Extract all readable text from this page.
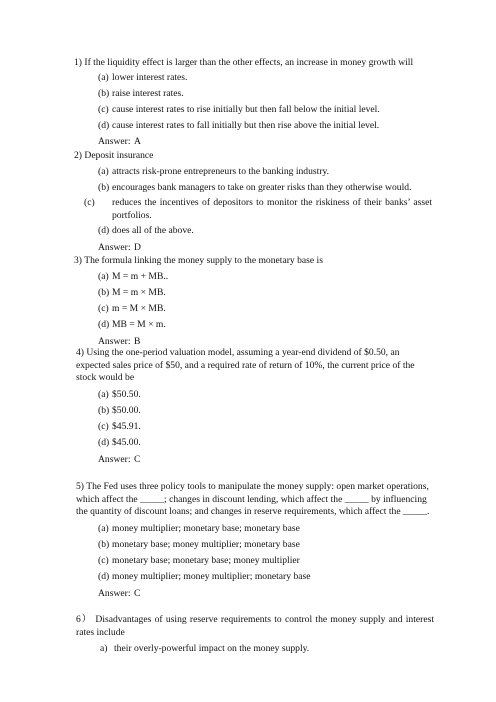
1) If the liquidity effect is larger than the other effects, an increase in money growth will
(a) lower interest rates.
(b) raise interest rates.
(c) cause interest rates to rise initially but then fall below the initial level.
(d) cause interest rates to fall initially but then rise above the initial level.
Answer: A
2) Deposit insurance
(a) attracts risk-prone entrepreneurs to the banking industry.
(b) encourages bank managers to take on greater risks than they otherwise would.
(c) reduces the incentives of depositors to monitor the riskiness of their banks’ asset portfolios.
(d) does all of the above.
Answer: D
3) The formula linking the money supply to the monetary base is
(a) M = m + MB..
(b) M = m × MB.
(c) m = M × MB.
(d) MB = M × m.
Answer: B
4) Using the one-period valuation model, assuming a year-end dividend of $0.50, an expected sales price of $50, and a required rate of return of 10%, the current price of the stock would be
(a) $50.50.
(b) $50.00.
(c) $45.91.
(d) $45.00.
Answer: C
5) The Fed uses three policy tools to manipulate the money supply: open market operations, which affect the _____; changes in discount lending, which affect the _____ by influencing the quantity of discount loans; and changes in reserve requirements, which affect the _____.
(a) money multiplier; monetary base; monetary base
(b) monetary base; money multiplier; monetary base
(c) monetary base; monetary base; money multiplier
(d) money multiplier; money multiplier; monetary base
Answer: C
6） Disadvantages of using reserve requirements to control the money supply and interest rates include
a) their overly-powerful impact on the money supply.
